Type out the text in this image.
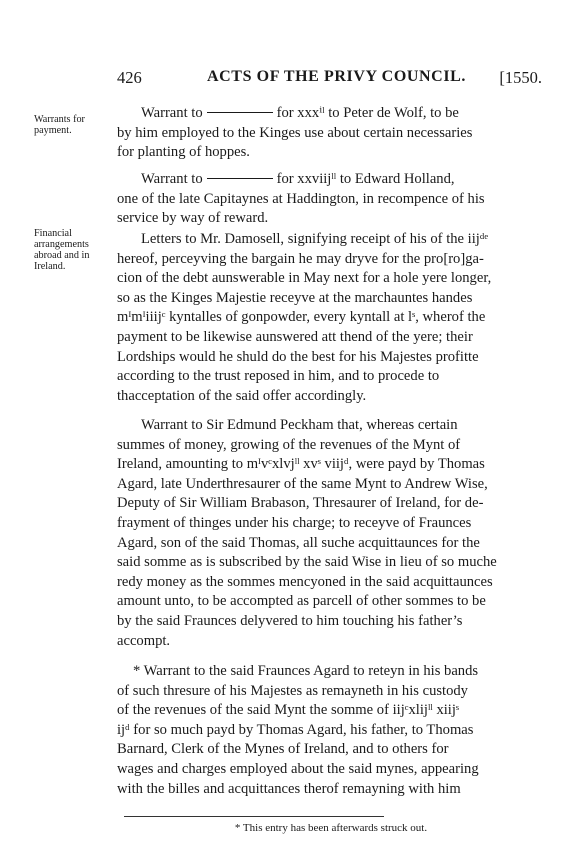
426	ACTS OF THE PRIVY COUNCIL. [1550.
Warrants for
payment.
Financial
arrangements
abroad and in
Ireland.
Warrant to	for xxxⁱˡ to Peter de Wolf, to be
by him employed to the Kinges use about certain necessaries
for planting of hoppes.
Warrant to	for xxviijˡˡ to Edward Holland,
one of the late Capitaynes at Haddington, in recompence of his
service by way of reward.
Letters to Mr. Damosell, signifying receipt of his of the iijᵈᵉ
hereof, perceyving the bargain he may dryve for the pro[ro]ga-
cion of the debt aunswerable in May next for a hole yere longer,
so as the Kinges Majestie receyve at the marchauntes handes
mᴵmᴵiiijᶜ kyntalles of gonpowder, every kyntall at lˢ, wherof the
payment to be likewise aunswered att thend of the yere; their
Lordships would he shuld do the best for his Majestes profitte
according to the trust reposed in him, and to procede to
thacceptation of the said offer accordingly.
Warrant to Sir Edmund Peckham that, whereas certain
summes of money, growing of the revenues of the Mynt of
Ireland, amounting to mᴵvᶜxlvjˡˡ xvˢ viijᵈ, were payd by Thomas
Agard, late Underthresaurer of the same Mynt to Andrew Wise,
Deputy of Sir William Brabason, Thresaurer of Ireland, for de-
frayment of thinges under his charge; to receyve of Fraunces
Agard, son of the said Thomas, all suche acquittaunces for the
said somme as is subscribed by the said Wise in lieu of so muche
redy money as the sommes mencyoned in the said acquittaunces
amount unto, to be accompted as parcell of other sommes to be
by the said Fraunces delyvered to him touching his father’s
accompt.
* Warrant to the said Fraunces Agard to reteyn in his bands
of such thresure of his Majestes as remayneth in his custody
of the revenues of the said Mynt the somme of iijᶜxlijˡˡ xiijˢ
ijᵈ for so much payd by Thomas Agard, his father, to Thomas
Barnard, Clerk of the Mynes of Ireland, and to others for
wages and charges employed about the said mynes, appearing
with the billes and acquittances therof remayning with him
* This entry has been afterwards struck out.
